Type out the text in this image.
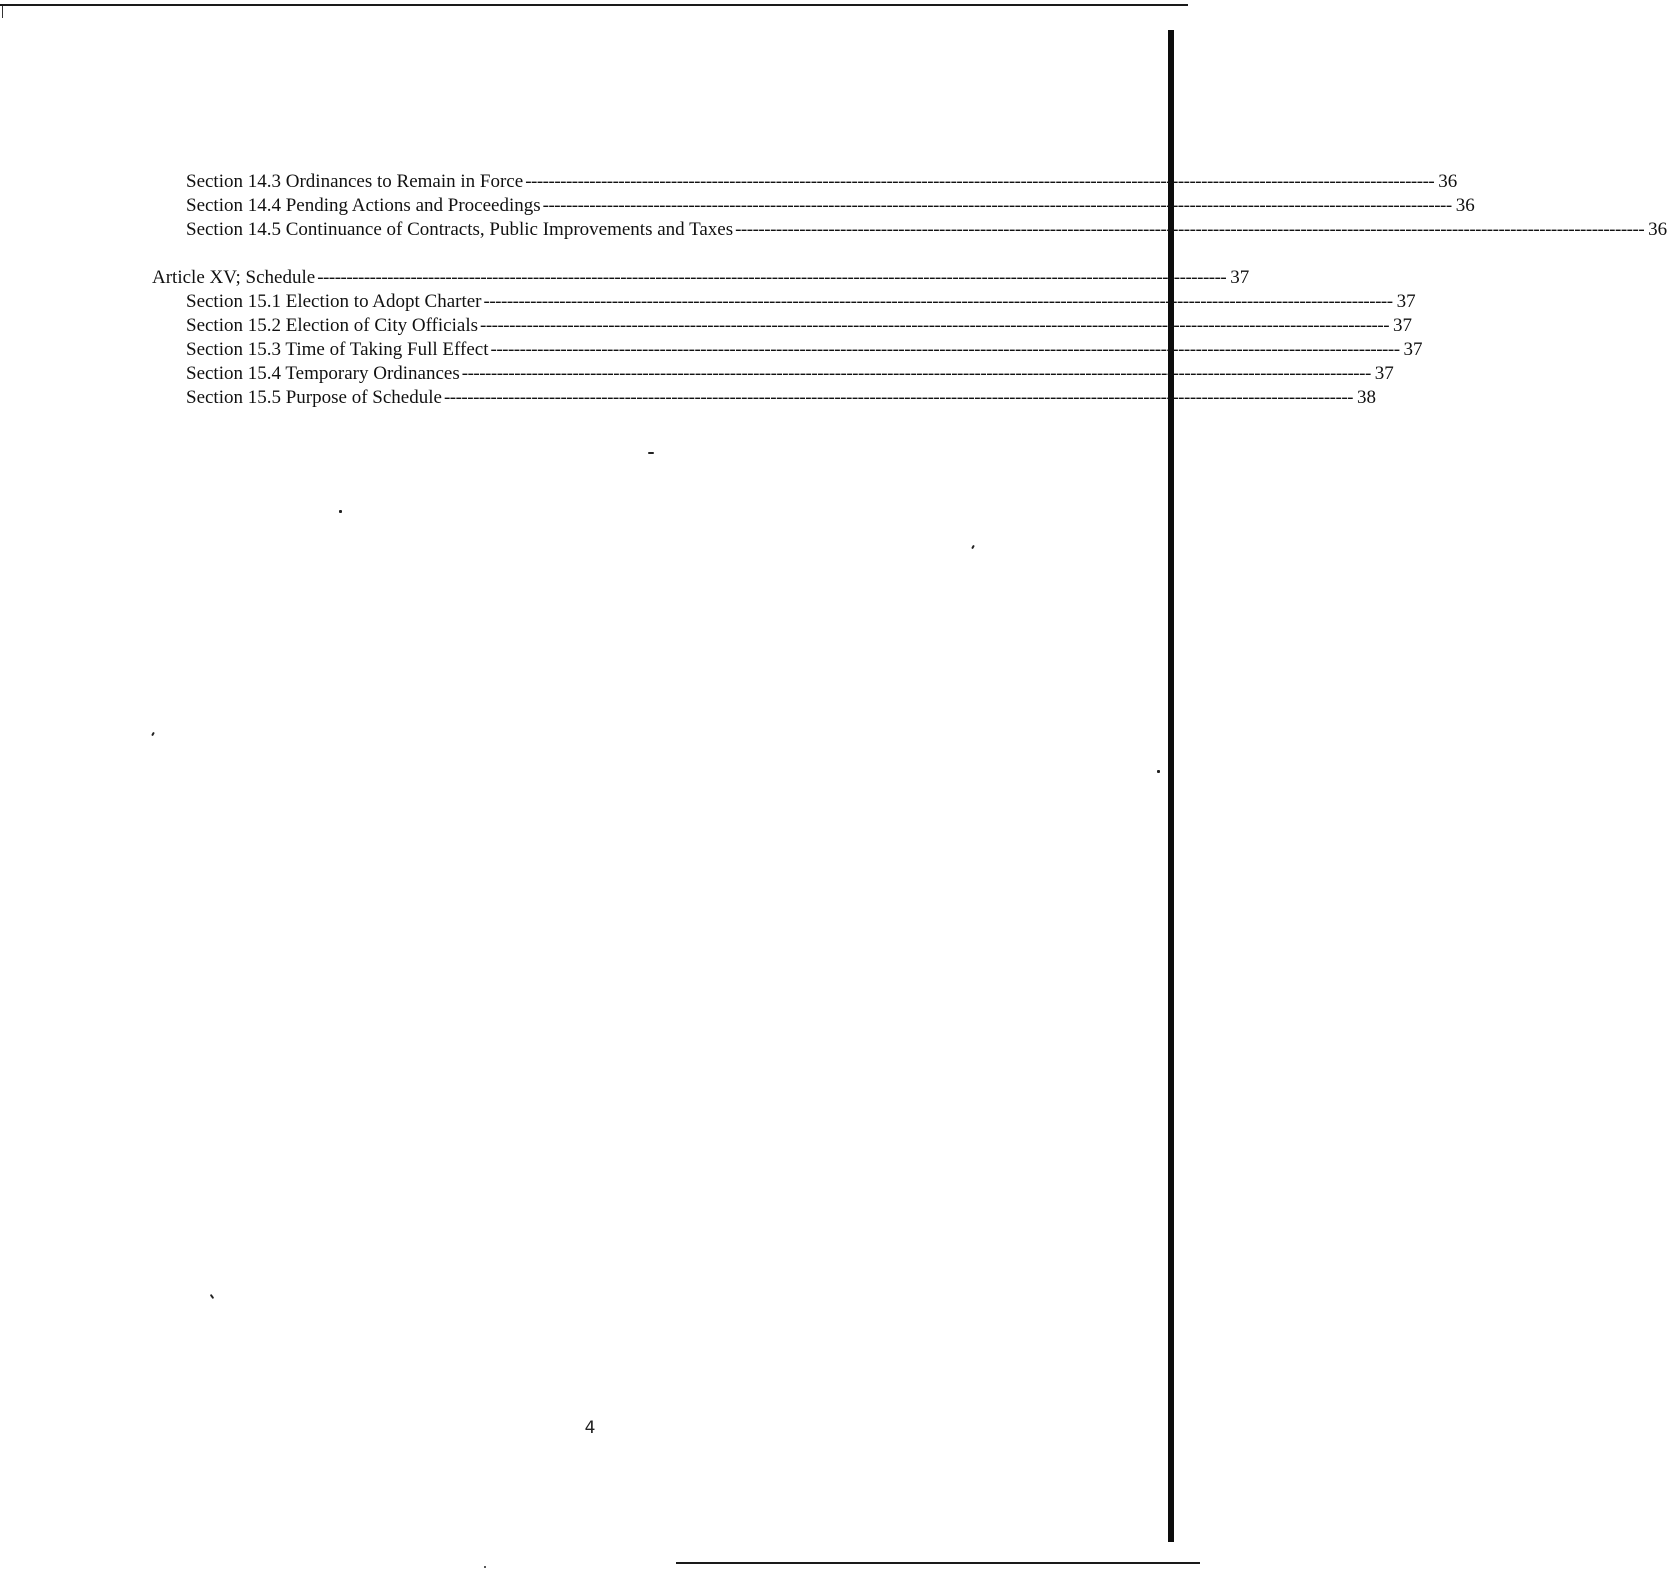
Section 14.3 Ordinances to Remain in Force ------------------------------------------------------------------------------------------------------------------------------------------------------------ 36
Section 14.4 Pending Actions and Proceedings ------------------------------------------------------------------------------------------------------------------------------------------------------------ 36
Section 14.5 Continuance of Contracts, Public Improvements and Taxes ------------------------------------------------------------------------------------------------------------------------------------------------------------ 36
Article XV; Schedule ------------------------------------------------------------------------------------------------------------------------------------------------------------ 37
Section 15.1 Election to Adopt Charter ------------------------------------------------------------------------------------------------------------------------------------------------------------ 37
Section 15.2 Election of City Officials ------------------------------------------------------------------------------------------------------------------------------------------------------------ 37
Section 15.3 Time of Taking Full Effect ------------------------------------------------------------------------------------------------------------------------------------------------------------ 37
Section 15.4 Temporary Ordinances ------------------------------------------------------------------------------------------------------------------------------------------------------------ 37
Section 15.5 Purpose of Schedule ------------------------------------------------------------------------------------------------------------------------------------------------------------ 38
4
